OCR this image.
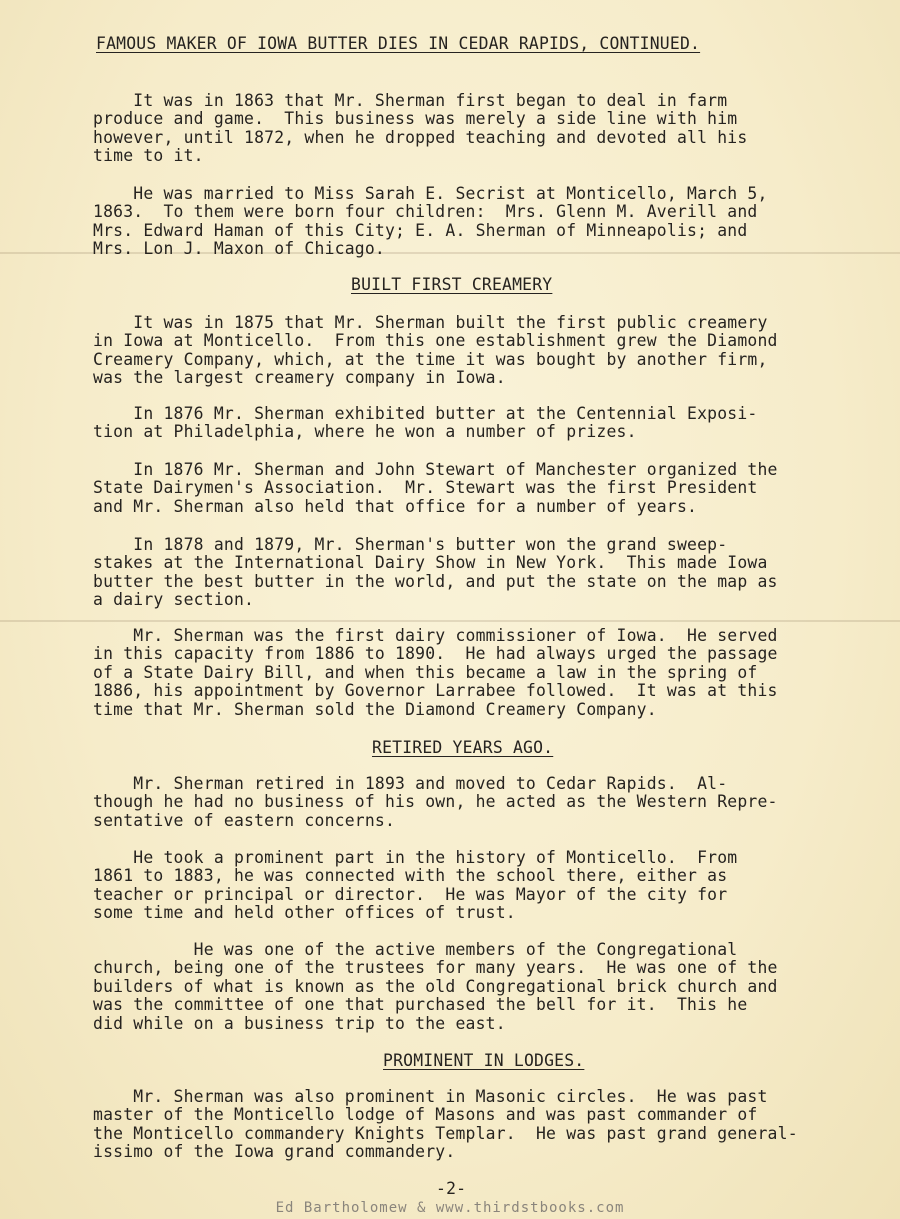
FAMOUS MAKER OF IOWA BUTTER DIES IN CEDAR RAPIDS, CONTINUED.
It was in 1863 that Mr. Sherman first began to deal in farm
produce and game.  This business was merely a side line with him
however, until 1872, when he dropped teaching and devoted all his
time to it.
He was married to Miss Sarah E. Secrist at Monticello, March 5,
1863.  To them were born four children:  Mrs. Glenn M. Averill and
Mrs. Edward Haman of this City; E. A. Sherman of Minneapolis; and
Mrs. Lon J. Maxon of Chicago.
BUILT FIRST CREAMERY
It was in 1875 that Mr. Sherman built the first public creamery
in Iowa at Monticello.  From this one establishment grew the Diamond
Creamery Company, which, at the time it was bought by another firm,
was the largest creamery company in Iowa.
In 1876 Mr. Sherman exhibited butter at the Centennial Exposi-
tion at Philadelphia, where he won a number of prizes.
In 1876 Mr. Sherman and John Stewart of Manchester organized the
State Dairymen's Association.  Mr. Stewart was the first President
and Mr. Sherman also held that office for a number of years.
In 1878 and 1879, Mr. Sherman's butter won the grand sweep-
stakes at the International Dairy Show in New York.  This made Iowa
butter the best butter in the world, and put the state on the map as
a dairy section.
Mr. Sherman was the first dairy commissioner of Iowa.  He served
in this capacity from 1886 to 1890.  He had always urged the passage
of a State Dairy Bill, and when this became a law in the spring of
1886, his appointment by Governor Larrabee followed.  It was at this
time that Mr. Sherman sold the Diamond Creamery Company.
RETIRED YEARS AGO.
Mr. Sherman retired in 1893 and moved to Cedar Rapids.  Al-
though he had no business of his own, he acted as the Western Repre-
sentative of eastern concerns.
He took a prominent part in the history of Monticello.  From
1861 to 1883, he was connected with the school there, either as
teacher or principal or director.  He was Mayor of the city for
some time and held other offices of trust.
He was one of the active members of the Congregational
church, being one of the trustees for many years.  He was one of the
builders of what is known as the old Congregational brick church and
was the committee of one that purchased the bell for it.  This he
did while on a business trip to the east.
PROMINENT IN LODGES.
Mr. Sherman was also prominent in Masonic circles.  He was past
master of the Monticello lodge of Masons and was past commander of
the Monticello commandery Knights Templar.  He was past grand general-
issimo of the Iowa grand commandery.
-2-
Ed Bartholomew & www.thirdstbooks.com
